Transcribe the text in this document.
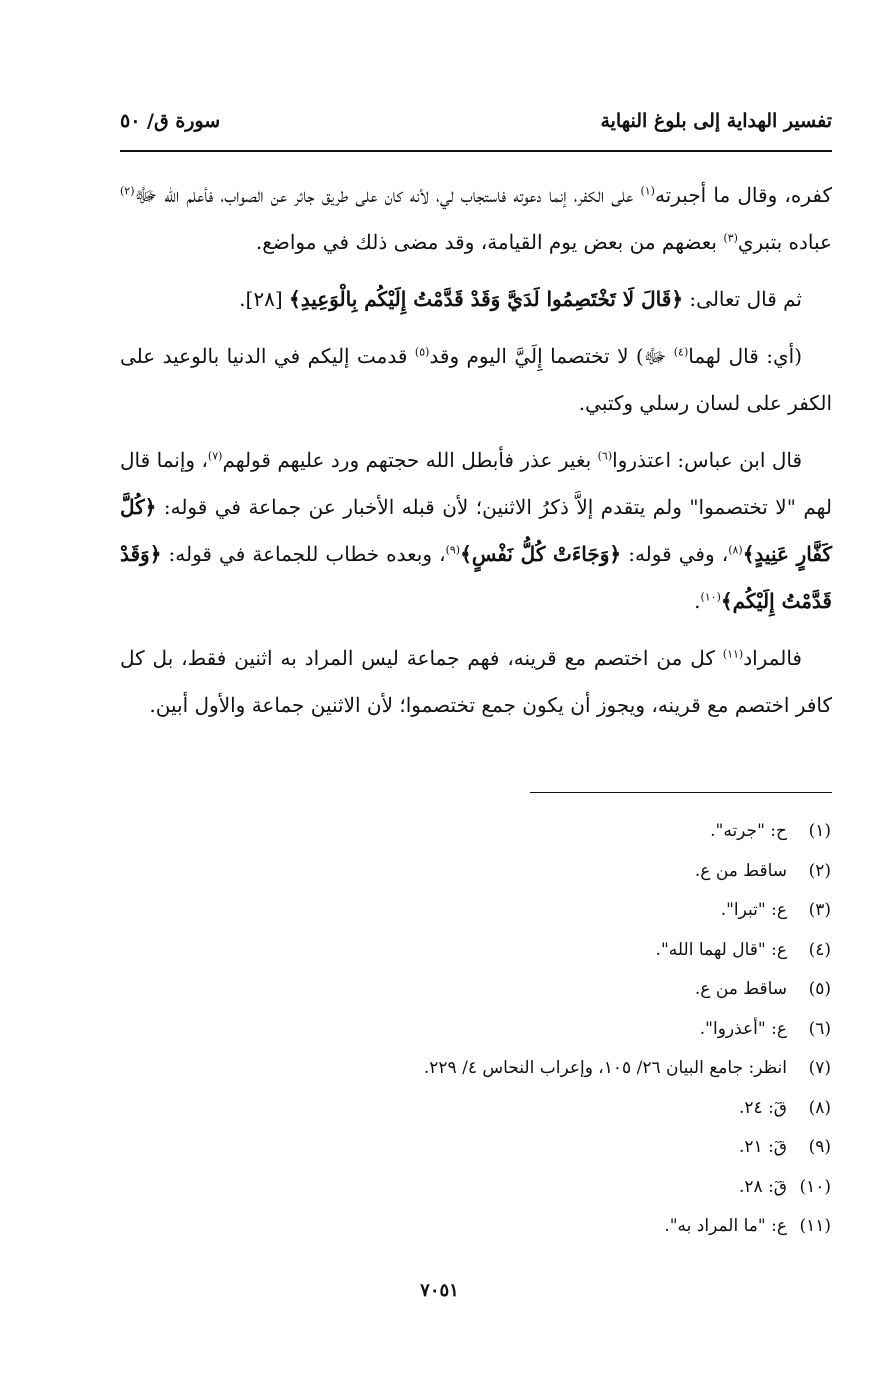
تفسير الهداية إلى بلوغ النهاية
سورة ق/ ٥٠

كفره، وقال ما أجبرته$^{(١)}$ على الكفر، إنما دعوته فاستجاب لي، لأنه كان على طريق جائر عن الصواب، فأعلم الله ﷻ$^{(٢)}$ عباده بتبري$^{(٣)}$ بعضهم من بعض يوم القيامة، وقد مضى ذلك في مواضع.

ثم قال تعالى: ﴿قَالَ لَا تَخْتَصِمُوا لَدَيَّ وَقَدْ قَدَّمْتُ إِلَيْكُم بِالْوَعِيدِ﴾ [٢٨].

(أي: قال لهما$^{(٤)}$ ﷻ) لا تختصما إِلَيَّ اليوم وقد$^{(٥)}$ قدمت إليكم في الدنيا بالوعيد على الكفر على لسان رسلي وكتبي.

قال ابن عباس: اعتذروا$^{(٦)}$ بغير عذر فأبطل الله حجتهم ورد عليهم قولهم$^{(٧)}$، وإنما قال لهم "لا تختصموا" ولم يتقدم إلاَّ ذكرُ الاثنين؛ لأن قبله الأخبار عن جماعة في قوله: ﴿كُلَّ كَفَّارٍ عَنِيدٍ﴾$^{(٨)}$، وفي قوله: ﴿وَجَاءَتْ كُلُّ نَفْسٍ﴾$^{(٩)}$، وبعده خطاب للجماعة في قوله: ﴿وَقَدْ قَدَّمْتُ إِلَيْكُم﴾$^{(١٠)}$.

فالمراد$^{(١١)}$ كل من اختصم مع قرينه، فهم جماعة ليس المراد به اثنين فقط، بل كل كافر اختصم مع قرينه، ويجوز أن يكون جمع تختصموا؛ لأن الاثنين جماعة والأول أبين.

(١)ح: "جرته".
(٢)ساقط من ع.
(٣)ع: "تبرا".
(٤)ع: "قال لهما الله".
(٥)ساقط من ع.
(٦)ع: "أعذروا".
(٧)انظر: جامع البيان ٢٦/ ١٠٥، وإعراب النحاس ٤/ ٢٢٩.
(٨)قٓ: ٢٤.
(٩)قٓ: ٢١.
(١٠)قٓ: ٢٨.
(١١)ع: "ما المراد به".
٧٠٥١
